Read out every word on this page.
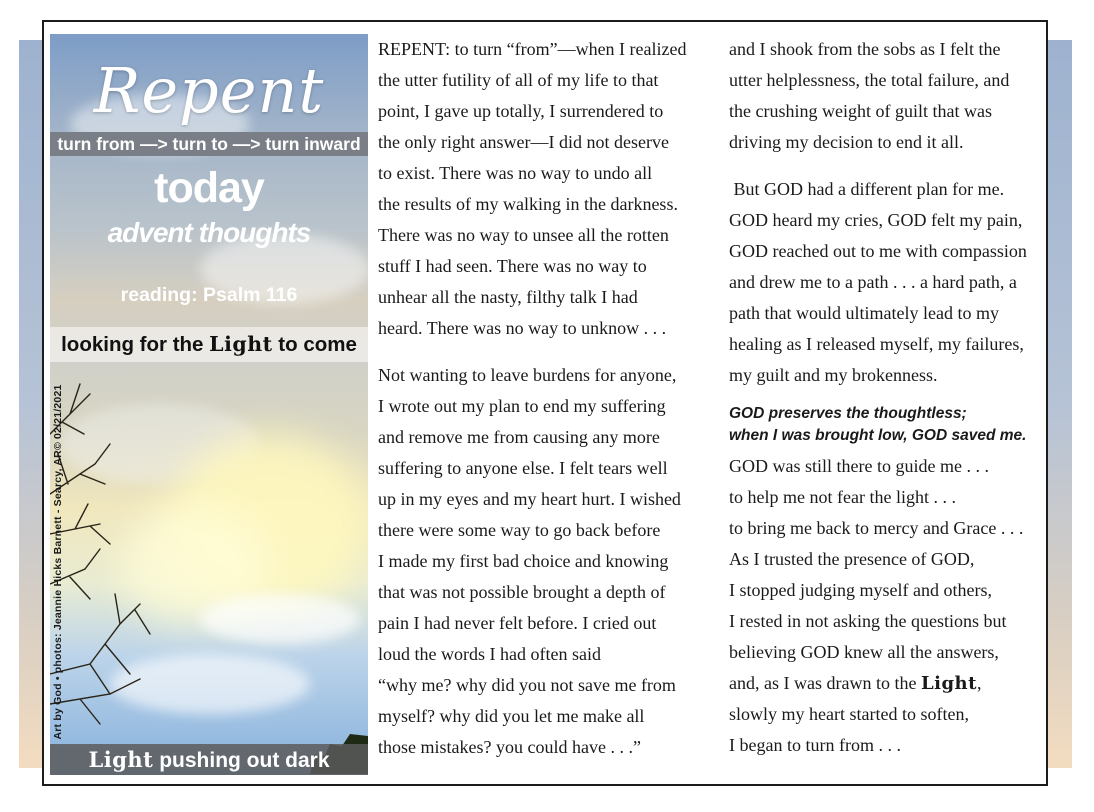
Repent
turn from —> turn to —> turn inward
today
advent thoughts
reading: Psalm 116
looking for the Light to come
Art by God • photos: Jeannie Hicks Barnett - Searcy, AR© 02/21/2021
Light pushing out dark

REPENT: to turn “from”—when I realized

the utter futility of all of my life to that

point, I gave up totally, I surrendered to

the only right answer—I did not deserve

to exist. There was no way to undo all

the results of my walking in the darkness.

There was no way to unsee all the rotten

stuff I had seen. There was no way to

unhear all the nasty, filthy talk I had

heard. There was no way to unknow . . .

Not wanting to leave burdens for anyone,

I wrote out my plan to end my suffering

and remove me from causing any more

suffering to anyone else. I felt tears well

up in my eyes and my heart hurt. I wished

there were some way to go back before

I made my first bad choice and knowing

that was not possible brought a depth of

pain I had never felt before. I cried out

loud the words I had often said

“why me? why did you not save me from

myself? why did you let me make all

those mistakes? you could have . . .”

and I shook from the sobs as I felt the

utter helplessness, the total failure, and

the crushing weight of guilt that was

driving my decision to end it all.

But GOD had a different plan for me.

GOD heard my cries, GOD felt my pain,

GOD reached out to me with compassion

and drew me to a path . . . a hard path, a

path that would ultimately lead to my

healing as I released myself, my failures,

my guilt and my brokenness.

GOD preserves the thoughtless;
when I was brought low, GOD saved me.

GOD was still there to guide me . . .

to help me not fear the light . . .

to bring me back to mercy and Grace . . .

As I trusted the presence of GOD,

I stopped judging myself and others,

I rested in not asking the questions but

believing GOD knew all the answers,

and, as I was drawn to the Light,

slowly my heart started to soften,

I began to turn from . . .
